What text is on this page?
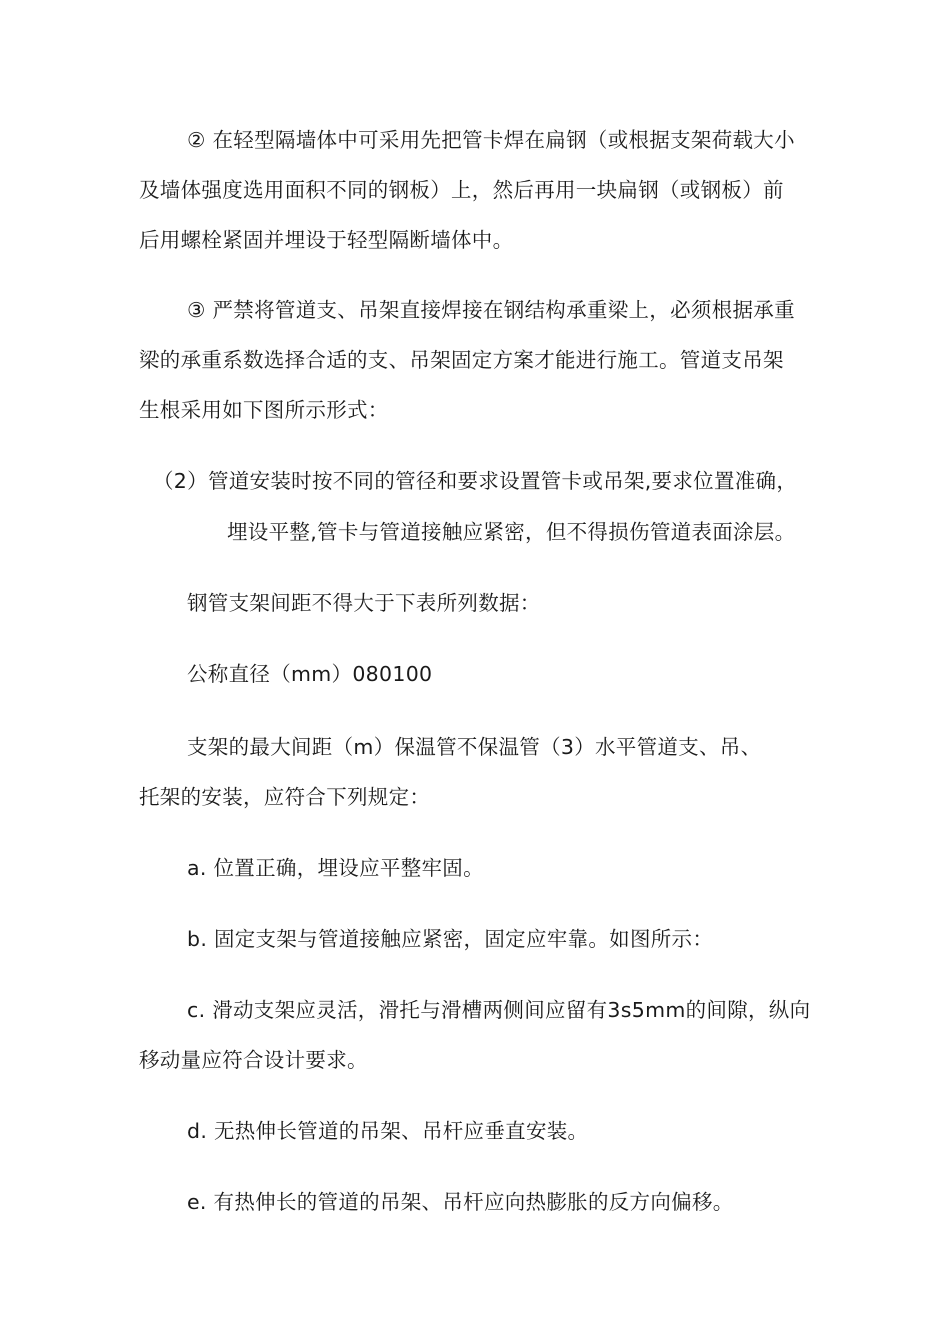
② 在轻型隔墙体中可采用先把管卡焊在扁钢（或根据支架荷载大小
及墙体强度选用面积不同的钢板）上，然后再用一块扁钢（或钢板）前
后用螺栓紧固并埋设于轻型隔断墙体中。
③ 严禁将管道支、吊架直接焊接在钢结构承重梁上，必须根据承重
梁的承重系数选择合适的支、吊架固定方案才能进行施工。管道支吊架
生根采用如下图所示形式：
（2）管道安装时按不同的管径和要求设置管卡或吊架,要求位置准确，
埋设平整,管卡与管道接触应紧密，但不得损伤管道表面涂层。
钢管支架间距不得大于下表所列数据：
公称直径（mm）080100
支架的最大间距（m）保温管不保温管（3）水平管道支、吊、
托架的安装，应符合下列规定：
a. 位置正确，埋设应平整牢固。
b. 固定支架与管道接触应紧密，固定应牢靠。如图所示：
c. 滑动支架应灵活，滑托与滑槽两侧间应留有3s5mm的间隙，纵向
移动量应符合设计要求。
d. 无热伸长管道的吊架、吊杆应垂直安装。
e. 有热伸长的管道的吊架、吊杆应向热膨胀的反方向偏移。
